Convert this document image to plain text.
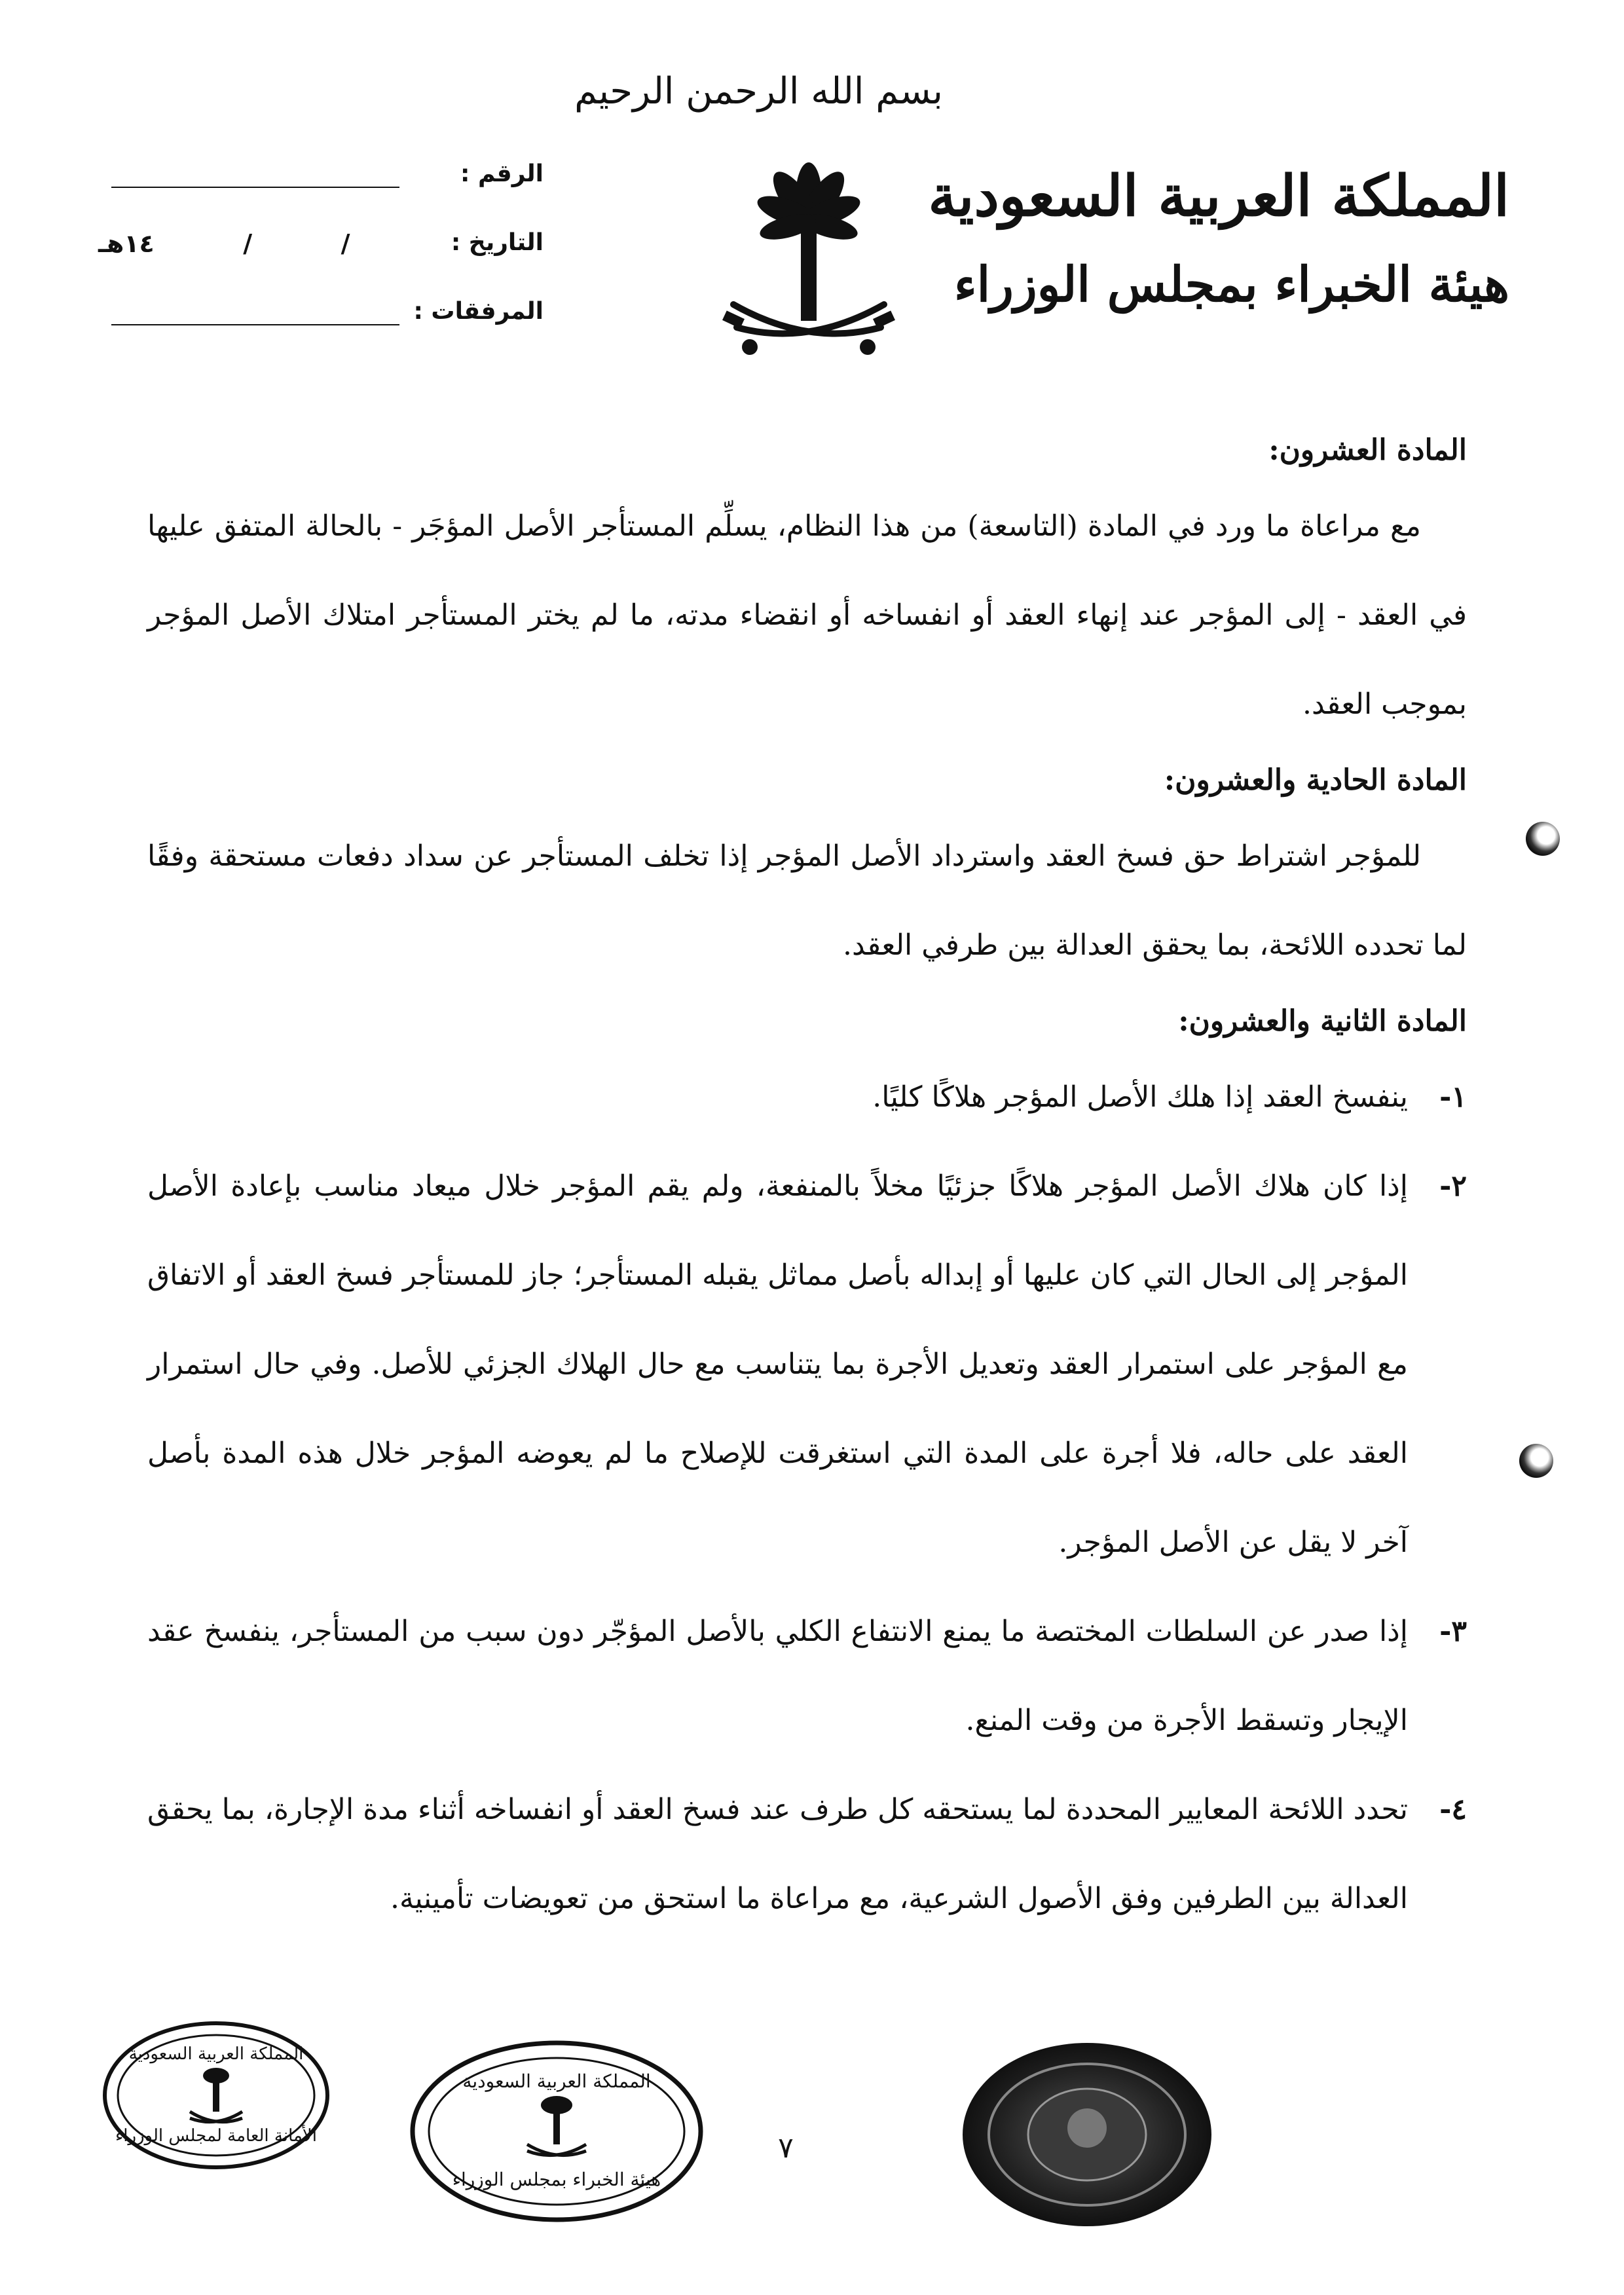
بسم الله الرحمن الرحيم
المملكة العربية السعودية
هيئة الخبراء بمجلس الوزراء
الرقم :
التاريخ :
١٤هـ	/	/
المرفقات :
المادة العشرون:

مع مراعاة ما ورد في المادة (التاسعة) من هذا النظام، يسلِّم المستأجر الأصل المؤجَر - بالحالة المتفق عليها في العقد - إلى المؤجر عند إنهاء العقد أو انفساخه أو انقضاء مدته، ما لم يختر المستأجر امتلاك الأصل المؤجر بموجب العقد.

المادة الحادية والعشرون:

للمؤجر اشتراط حق فسخ العقد واسترداد الأصل المؤجر إذا تخلف المستأجر عن سداد دفعات مستحقة وفقًا لما تحدده اللائحة، بما يحقق العدالة بين طرفي العقد.

المادة الثانية والعشرون:
١-
ينفسخ العقد إذا هلك الأصل المؤجر هلاكًا كليًا.
٢-
إذا كان هلاك الأصل المؤجر هلاكًا جزئيًا مخلاً بالمنفعة، ولم يقم المؤجر خلال ميعاد مناسب بإعادة الأصل المؤجر إلى الحال التي كان عليها أو إبداله بأصل مماثل يقبله المستأجر؛ جاز للمستأجر فسخ العقد أو الاتفاق مع المؤجر على استمرار العقد وتعديل الأجرة بما يتناسب مع حال الهلاك الجزئي للأصل. وفي حال استمرار العقد على حاله، فلا أجرة على المدة التي استغرقت للإصلاح ما لم يعوضه المؤجر خلال هذه المدة بأصل آخر لا يقل عن الأصل المؤجر.
٣-
إذا صدر عن السلطات المختصة ما يمنع الانتفاع الكلي بالأصل المؤجّر دون سبب من المستأجر، ينفسخ عقد الإيجار وتسقط الأجرة من وقت المنع.
٤-
تحدد اللائحة المعايير المحددة لما يستحقه كل طرف عند فسخ العقد أو انفساخه أثناء مدة الإجارة، بما يحقق العدالة بين الطرفين وفق الأصول الشرعية، مع مراعاة ما استحق من تعويضات تأمينية.
المملكة العربية السعودية
الأمانة العامة لمجلس الوزراء
المملكة العربية السعودية
هيئة الخبراء بمجلس الوزراء
٧
